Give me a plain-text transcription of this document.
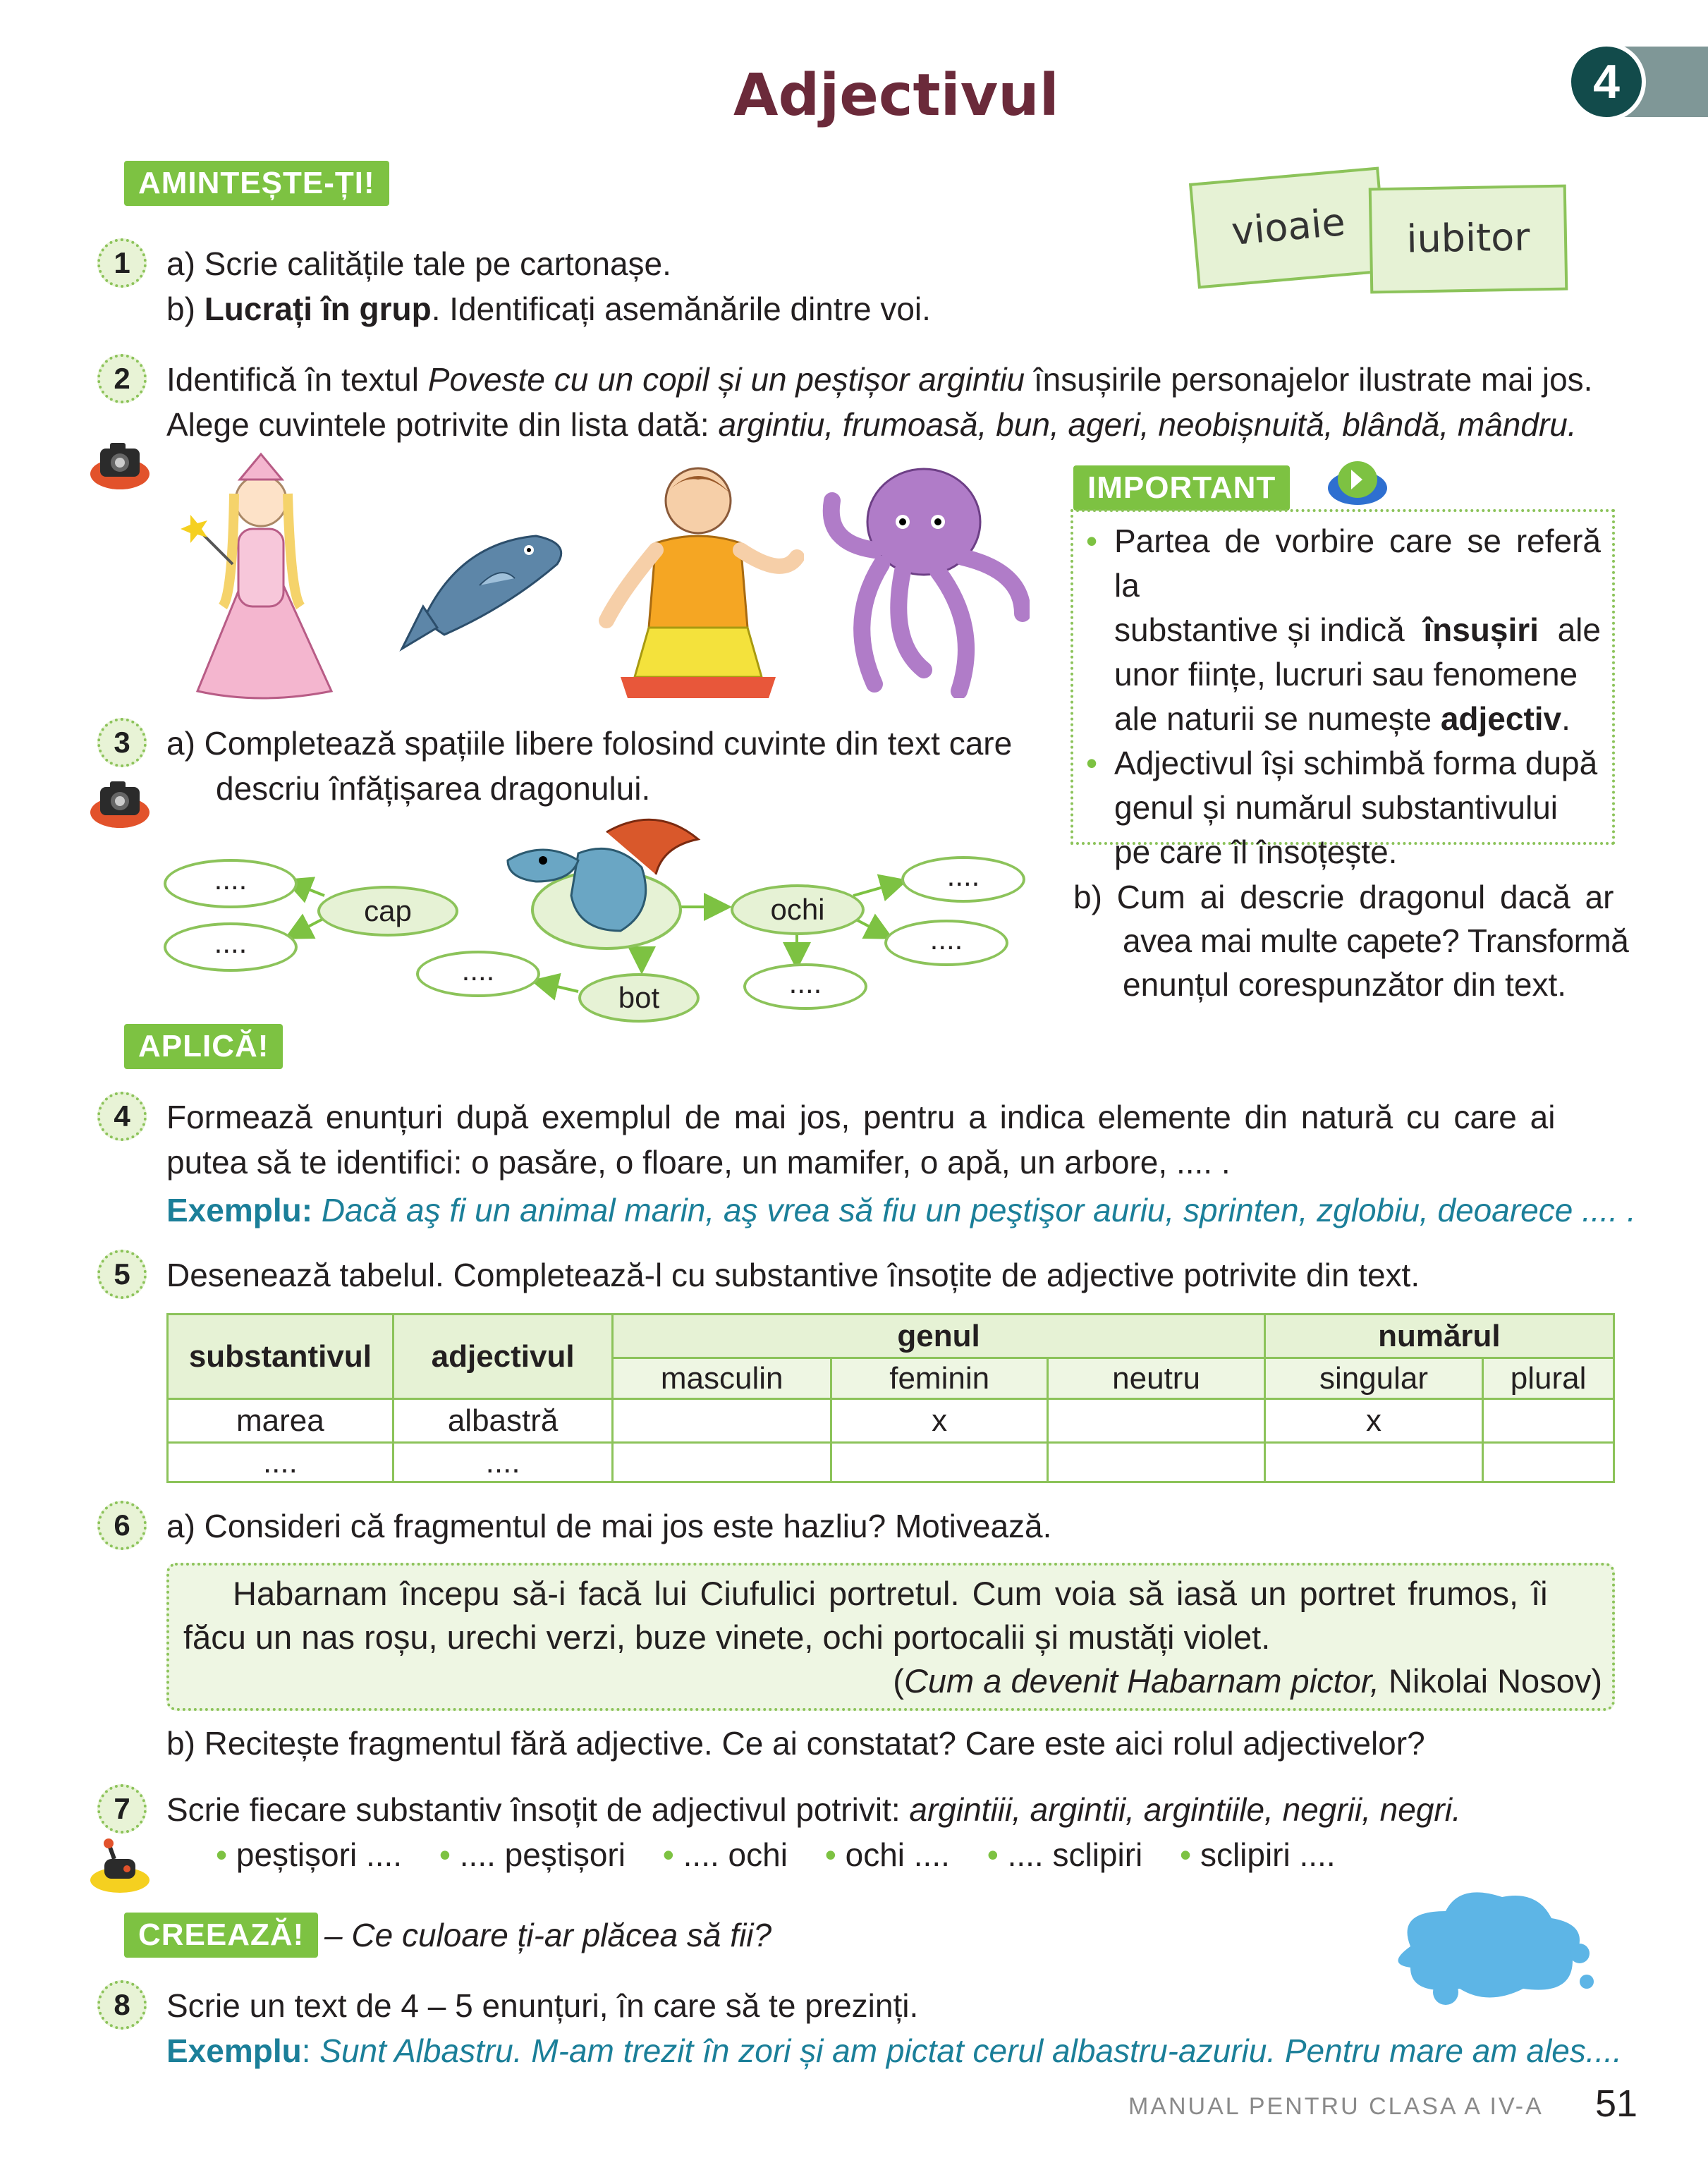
Adjectivul	4
AMINTEȘTE-ȚI!
vioaie	iubitor
1	a) Scrie calitățile tale pe cartonașe.
b) Lucrați în grup. Identificați asemănările dintre voi.
2	Identifică în textul Poveste cu un copil și un peștișor argintiu însușirile personajelor ilustrate mai jos.
Alege cuvintele potrivite din lista dată: argintiu, frumoasă, bun, ageri, neobișnuită, blândă, mândru.
IMPORTANT
• Partea de vorbire care se referă la
substantive și indică însușiri ale
unor ființe, lucruri sau fenomene
ale naturii se numește adjectiv.
• Adjectivul își schimbă forma după
genul și numărul substantivului
pe care îl însoțește.
3	a) Completează spațiile libere folosind cuvinte din text care
descriu înfățișarea dragonului.
cap
....
....
ochi
....
....
....
bot
....
b) Cum ai descrie dragonul dacă ar
avea mai multe capete? Transformă
enunțul corespunzător din text.
APLICĂ!
4	Formează enunțuri după exemplul de mai jos, pentru a indica elemente din natură cu care ai
putea să te identifici: o pasăre, o floare, un mamifer, o apă, un arbore, .... .
Exemplu: Dacă aş fi un animal marin, aş vrea să fiu un peştişor auriu, sprinten, zglobiu, deoarece .... .
5	Desenează tabelul. Completează-l cu substantive însoțite de adjective potrivite din text.
substantivul	adjectivul	genul			numărul	
		masculin	feminin	neutru	singular	plural
marea	albastră		x		x	
....	....					
6	a) Consideri că fragmentul de mai jos este hazliu? Motivează.
Habarnam începu să-i facă lui Ciufulici portretul. Cum voia să iasă un portret frumos, îi
făcu un nas roșu, urechi verzi, buze vinete, ochi portocalii și mustăți violet.
(Cum a devenit Habarnam pictor, Nikolai Nosov)
b) Recitește fragmentul fără adjective. Ce ai constatat? Care este aici rolul adjectivelor?
7	Scrie fiecare substantiv însoțit de adjectivul potrivit: argintiii, argintii, argintiile, negrii, negri.
• peștișori .... • .... peștișori • .... ochi • ochi .... • .... sclipiri • sclipiri ....
CREEAZĂ! – Ce culoare ți-ar plăcea să fii?
8	Scrie un text de 4 – 5 enunțuri, în care să te prezinți.
Exemplu: Sunt Albastru. M-am trezit în zori și am pictat cerul albastru-azuriu. Pentru mare am ales....
MANUAL PENTRU CLASA A IV-A 51
